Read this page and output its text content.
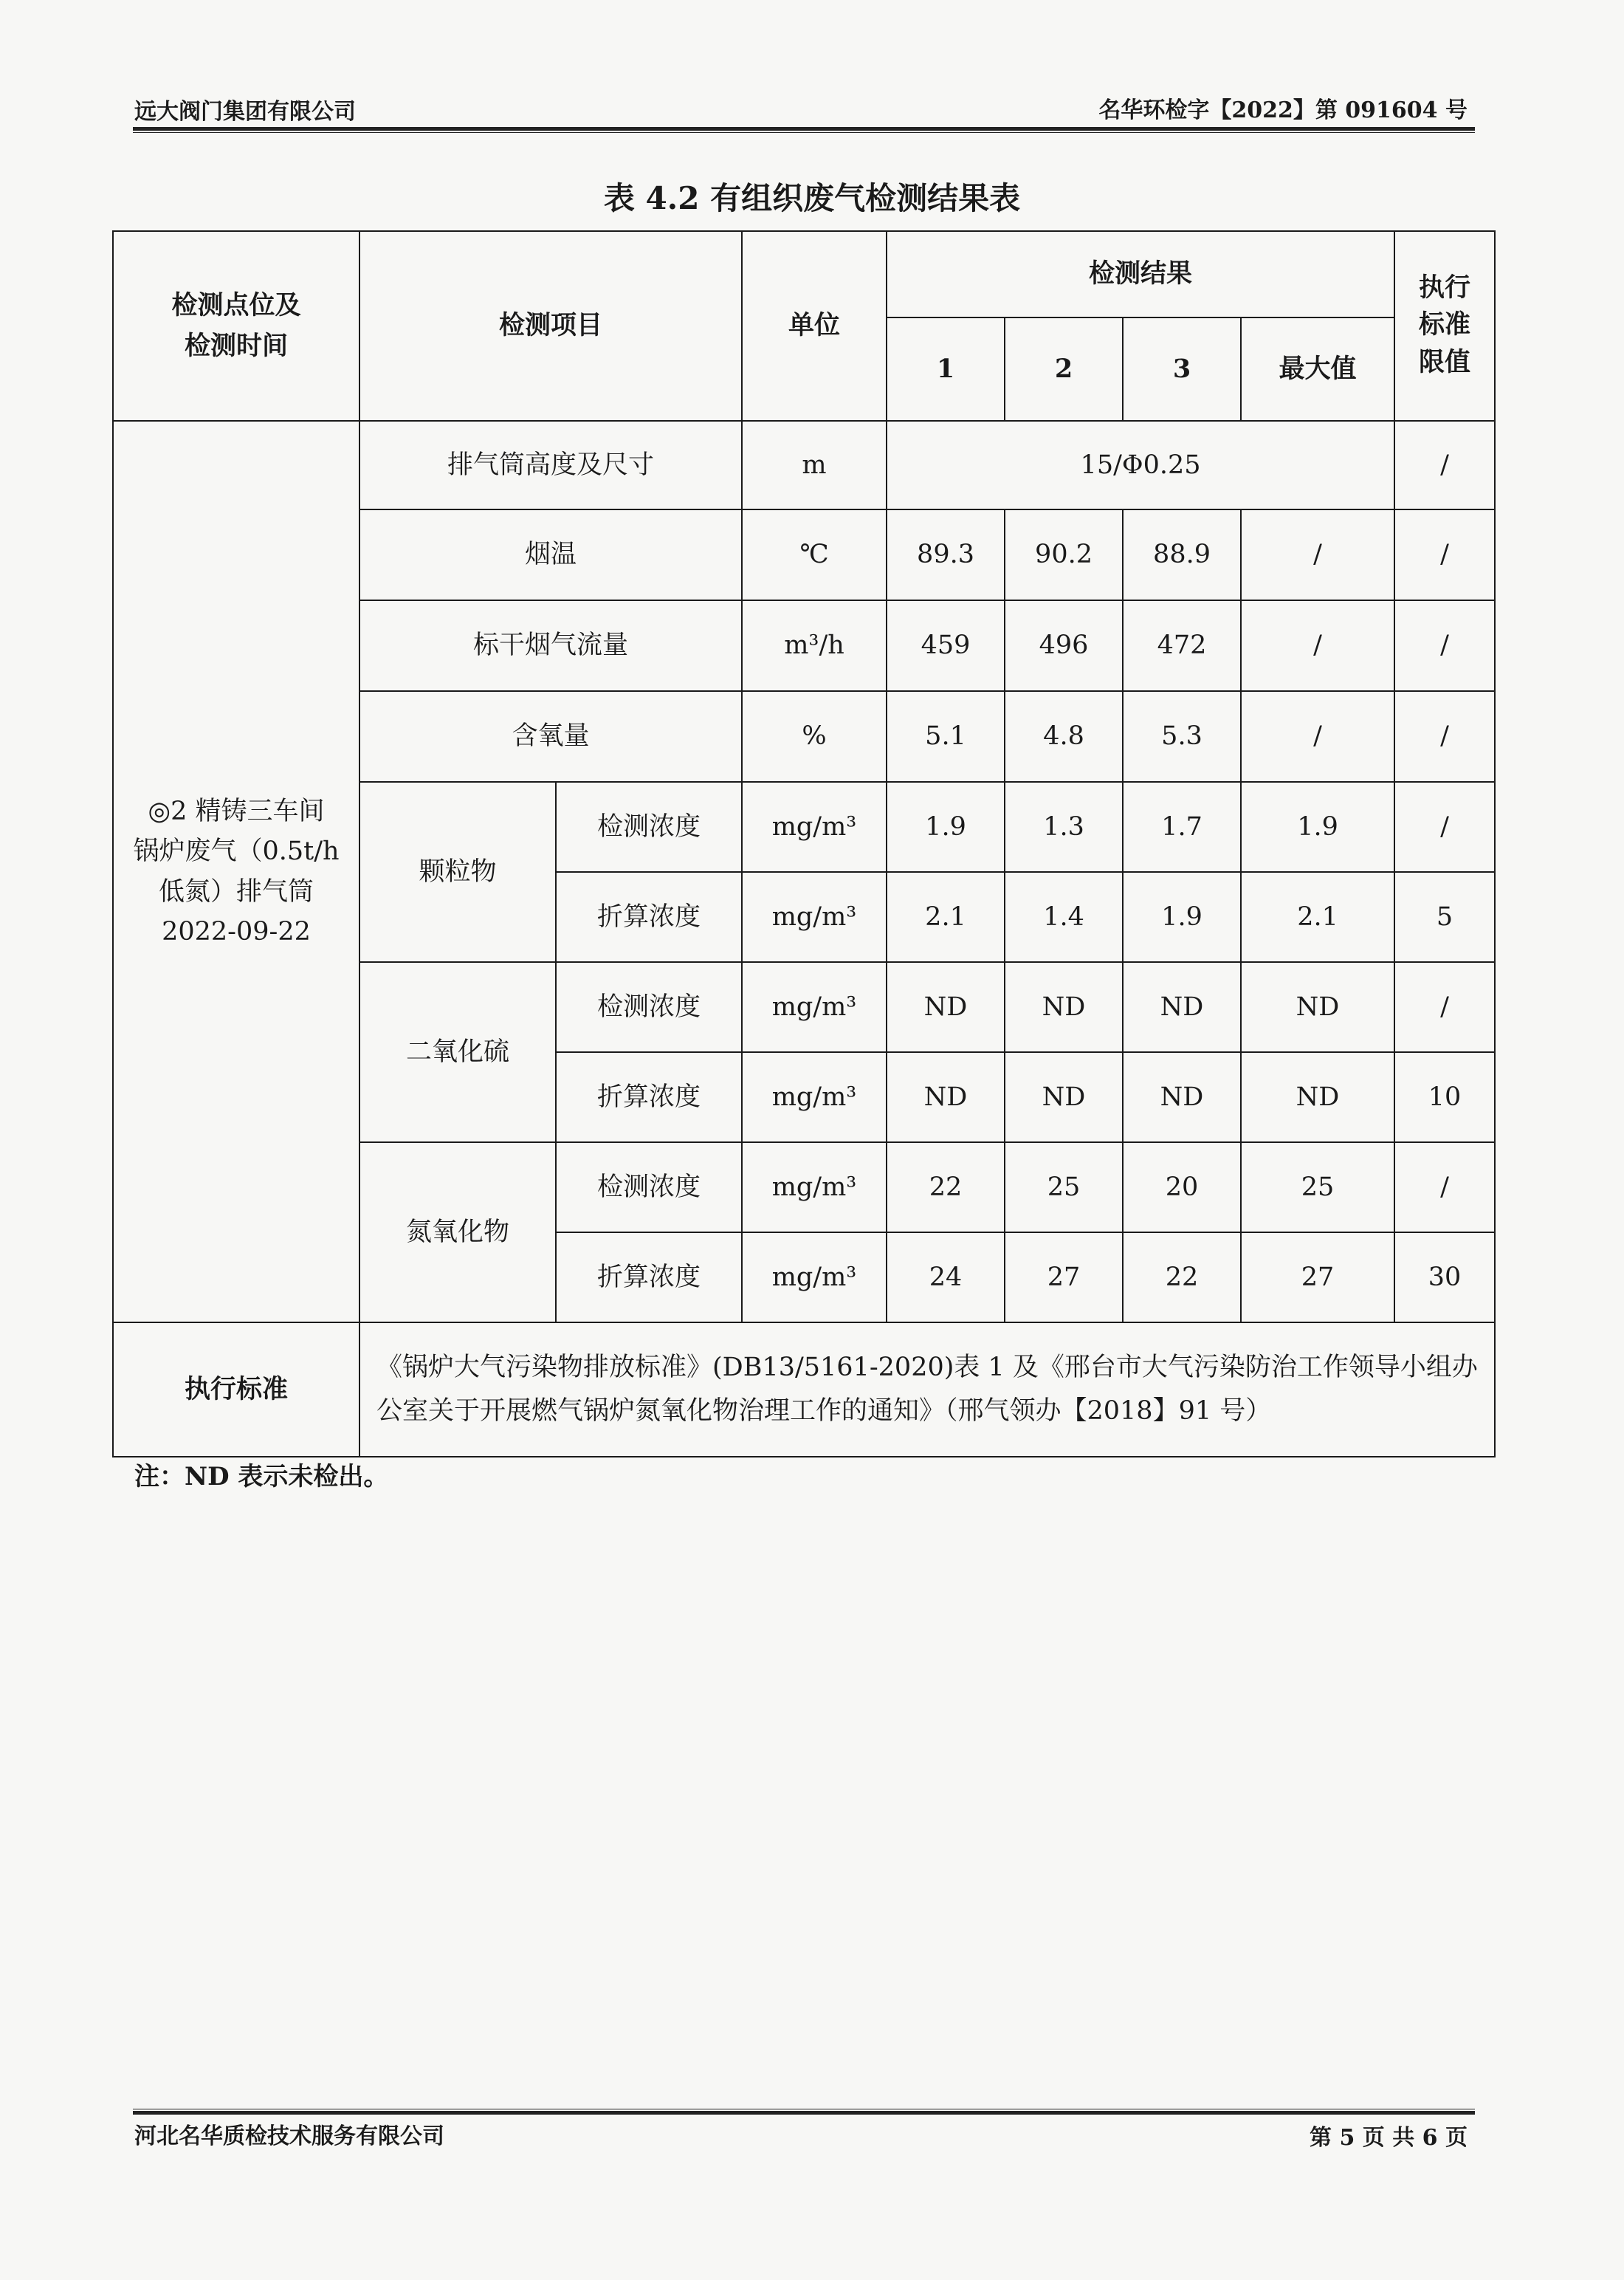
远大阀门集团有限公司	名华环检字【2022】第 091604 号
表 4.2 有组织废气检测结果表
检测点位及检测时间	检测项目		单位	检测结果				执行标准限值
				1	2	3	最大值	

◎2 精铸三车间
锅炉废气（0.5t/h
低氮）排气筒
2022-09-22	排气筒高度及尺寸		m	15/Φ0.25				/
	烟温		℃	89.3	90.2	88.9	/	/
	标干烟气流量		m³/h	459	496	472	/	/
	含氧量		%	5.1	4.8	5.3	/	/
	颗粒物	检测浓度	mg/m³	1.9	1.3	1.7	1.9	/
		折算浓度	mg/m³	2.1	1.4	1.9	2.1	5
	二氧化硫	检测浓度	mg/m³	ND	ND	ND	ND	/
		折算浓度	mg/m³	ND	ND	ND	ND	10
	氮氧化物	检测浓度	mg/m³	22	25	20	25	/
		折算浓度	mg/m³	24	27	22	27	30
执行标准	《锅炉大气污染物排放标准》(DB13/5161-2020)表 1 及《邢台市大气污染防治工作领导小组办公室关于开展燃气锅炉氮氧化物治理工作的通知》（邢气领办【2018】91 号）							
注：ND 表示未检出。
河北名华质检技术服务有限公司	第 5 页 共 6 页
